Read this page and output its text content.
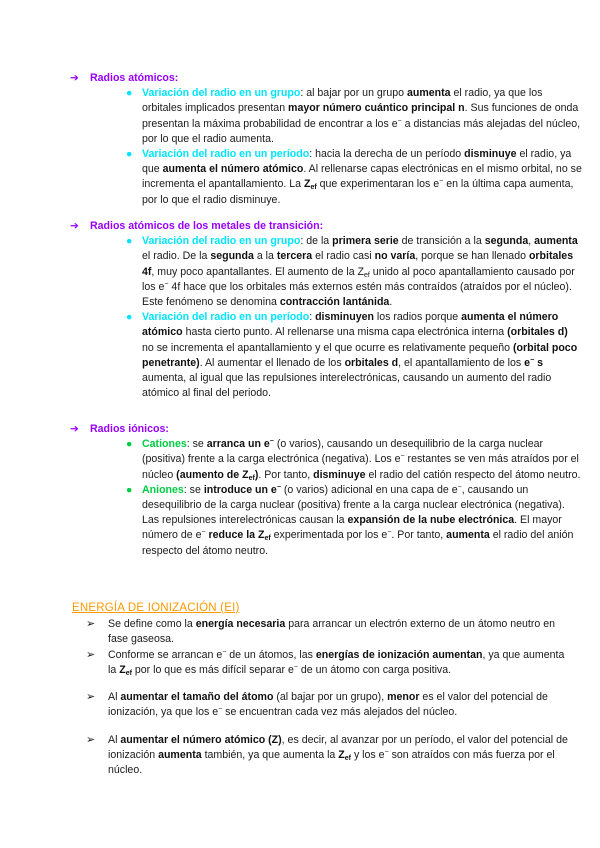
➔ Radios atómicos:
● Variación del radio en un grupo: al bajar por un grupo aumenta el radio, ya que los orbitales implicados presentan mayor número cuántico principal n. Sus funciones de onda presentan la máxima probabilidad de encontrar a los e− a distancias más alejadas del núcleo, por lo que el radio aumenta.
● Variación del radio en un período: hacia la derecha de un período disminuye el radio, ya que aumenta el número atómico. Al rellenarse capas electrónicas en el mismo orbital, no se incrementa el apantallamiento. La $Z_{ef}$ que experimentaran los e− en la última capa aumenta, por lo que el radio disminuye.
➔ Radios atómicos de los metales de transición:
● Variación del radio en un grupo: de la primera serie de transición a la segunda, aumenta el radio. De la segunda a la tercera el radio casi no varía, porque se han llenado orbitales 4f, muy poco apantallantes. El aumento de la $Z_{ef}$ unido al poco apantallamiento causado por los e− 4f hace que los orbitales más externos estén más contraídos (atraídos por el núcleo). Este fenómeno se denomina contracción lantánida.
● Variación del radio en un período: disminuyen los radios porque aumenta el número atómico hasta cierto punto. Al rellenarse una misma capa electrónica interna (orbitales d) no se incrementa el apantallamiento y el que ocurre es relativamente pequeño (orbital poco penetrante). Al aumentar el llenado de los orbitales d, el apantallamiento de los e− s aumenta, al igual que las repulsiones interelectrónicas, causando un aumento del radio atómico al final del periodo.
➔ Radios iónicos:
● Cationes: se arranca un e− (o varios), causando un desequilibrio de la carga nuclear (positiva) frente a la carga electrónica (negativa). Los e− restantes se ven más atraídos por el núcleo (aumento de $Z_{ef}$). Por tanto, disminuye el radio del catión respecto del átomo neutro.
● Aniones: se introduce un e− (o varios) adicional en una capa de e−, causando un desequilibrio de la carga nuclear (positiva) frente a la carga nuclear electrónica (negativa). Las repulsiones interelectrónicas causan la expansión de la nube electrónica. El mayor número de e− reduce la $Z_{ef}$ experimentada por los e−. Por tanto, aumenta el radio del anión respecto del átomo neutro.
ENERGÍA DE IONIZACIÓN (EI)
➢ Se define como la energía necesaria para arrancar un electrón externo de un átomo neutro en fase gaseosa.
➢ Conforme se arrancan e− de un átomos, las energías de ionización aumentan, ya que aumenta la $Z_{ef}$ por lo que es más difícil separar e− de un átomo con carga positiva.
➢ Al aumentar el tamaño del átomo (al bajar por un grupo), menor es el valor del potencial de ionización, ya que los e− se encuentran cada vez más alejados del núcleo.
➢ Al aumentar el número atómico (Z), es decir, al avanzar por un período, el valor del potencial de ionización aumenta también, ya que aumenta la $Z_{ef}$ y los e− son atraídos con más fuerza por el núcleo.
